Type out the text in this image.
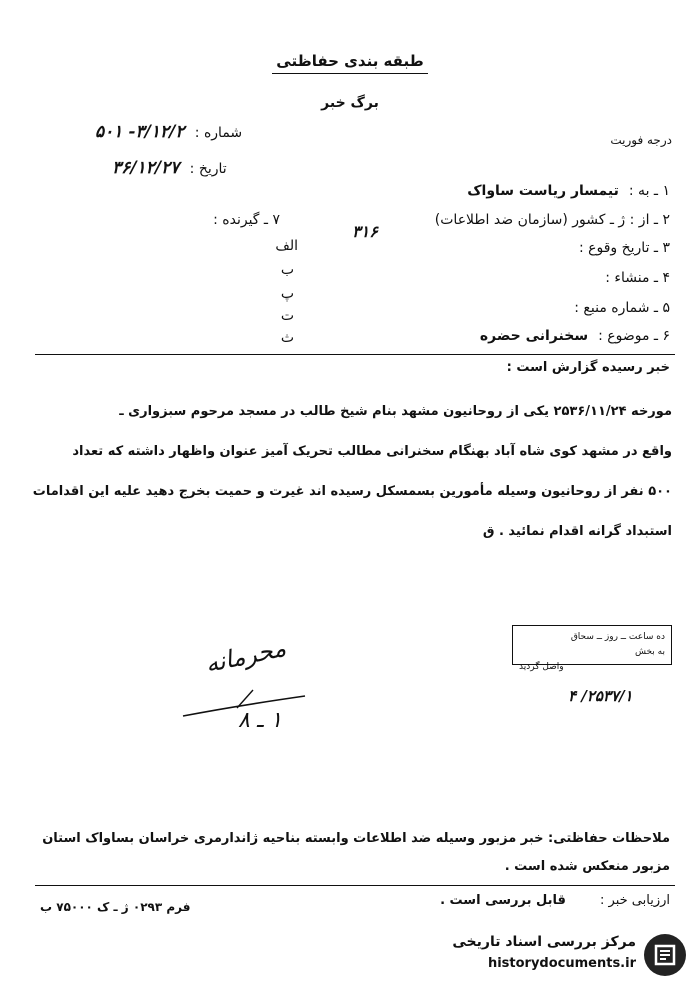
طبقه بندی حفاظتی
برگ خبر
درجه فوریت
شماره : ۳/۱۲/۲- ۵۰۱
تاریخ : ۳۶/۱۲/۲۷
۱ ـ به :تیمسار ریاست ساواک
۲ ـ از : ژ ـ کشور (سازمان ضد اطلاعات)
۳۱۶
۳ ـ تاریخ وقوع :
۴ ـ منشاء :
۵ ـ شماره منبع :
۶ ـ موضوع :سخنرانی حضره
۷ ـ گیرنده :
الف
ب
پ
ت
ث
خبر رسیده گزارش است :

مورخه ۲۵۳۶/۱۱/۲۴ یکی از روحانیون مشهد بنام شیخ طالب در مسجد مرحوم سبزواری ـ

واقع در مشهد کوی شاه آباد بهنگام سخنرانی مطالب تحریک آمیز عنوان واظهار داشته که تعداد

۵۰۰ نفر از روحانیون وسیله مأمورین بسمسکل رسیده اند غیرت و حمیت بخرج دهید علیه این اقدامات

استبداد گرانه اقدام نمائید . ق

ده ساعت ــ روز ــ سحاق
به بخش
واصل گردید
محرمانه
۱ ـ ۸
۲۵۳۷/۱/ ۴
ملاحظات حفاظتی: خبر مزبور وسیله ضد اطلاعات وابسته بناحیه ژاندارمری خراسان بساواک استان مزبور منعکس شده است .
ارزیابی خبر : قابل بررسی است .
فرم ۰۲۹۳ ژ ـ ک ۷۵۰۰۰ ب
مرکز بررسی اسناد تاریخی
historydocuments.ir
